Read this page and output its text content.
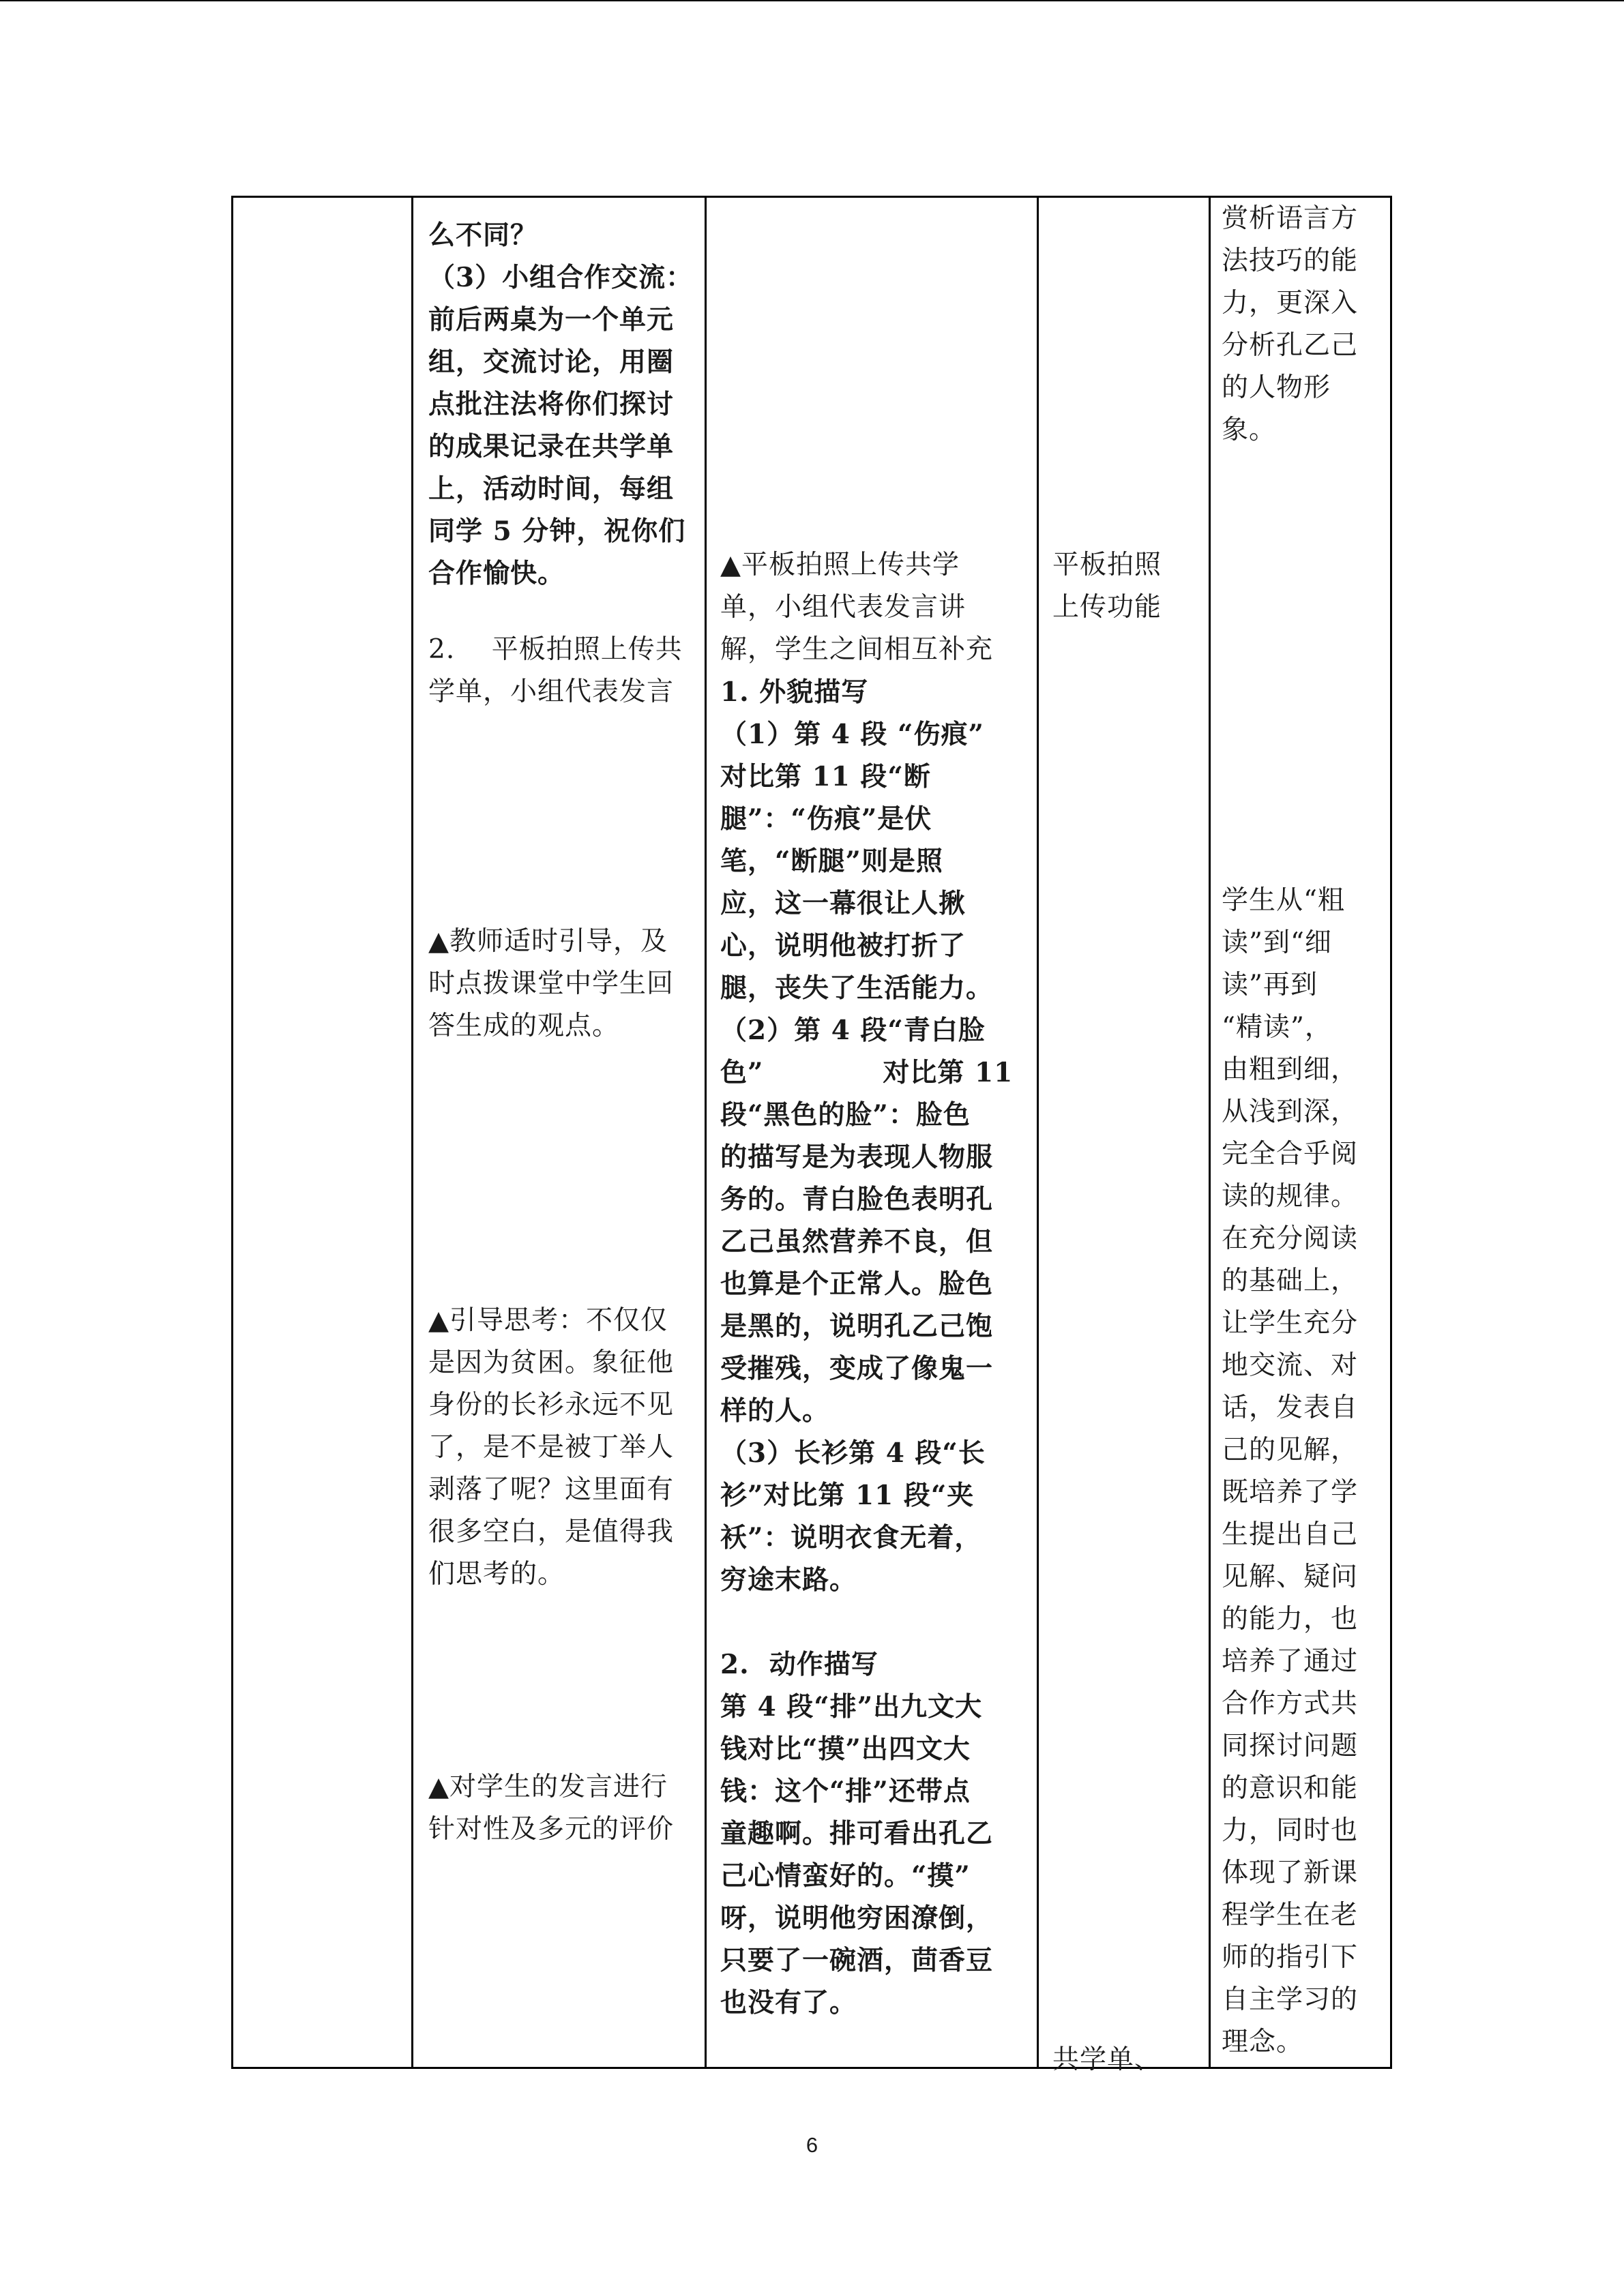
么不同？
（3）小组合作交流：
前后两桌为一个单元
组，交流讨论，用圈
点批注法将你们探讨
的成果记录在共学单
上，活动时间，每组
同学 5 分钟，祝你们
合作愉快。
2.    平板拍照上传共
学单，小组代表发言
▲教师适时引导，及
时点拨课堂中学生回
答生成的观点。
▲引导思考：不仅仅
是因为贫困。象征他
身份的长衫永远不见
了，是不是被丁举人
剥落了呢？这里面有
很多空白，是值得我
们思考的。
▲对学生的发言进行
针对性及多元的评价
▲平板拍照上传共学
单，小组代表发言讲
解，学生之间相互补充
1. 外貌描写
（1）第 4 段 “伤痕”
对比第 11 段“断
腿”：“伤痕”是伏
笔，“断腿”则是照
应，这一幕很让人揪
心，说明他被打折了
腿，丧失了生活能力。
（2）第 4 段“青白脸
色”            对比第 11
段“黑色的脸”：脸色
的描写是为表现人物服
务的。青白脸色表明孔
乙己虽然营养不良，但
也算是个正常人。脸色
是黑的，说明孔乙己饱
受摧残，变成了像鬼一
样的人。
（3）长衫第 4 段“长
衫”对比第 11 段“夹
袄”：说明衣食无着，
穷途末路。
2.  动作描写
第 4 段“排”出九文大
钱对比“摸”出四文大
钱：这个“排”还带点
童趣啊。排可看出孔乙
己心情蛮好的。“摸”
呀，说明他穷困潦倒，
只要了一碗酒，茴香豆
也没有了。
平板拍照
上传功能
共学单、
赏析语言方
法技巧的能
力，更深入
分析孔乙己
的人物形
象。
学生从“粗
读”到“细
读”再到
“精读”，
由粗到细，
从浅到深，
完全合乎阅
读的规律。
在充分阅读
的基础上，
让学生充分
地交流、对
话，发表自
己的见解，
既培养了学
生提出自己
见解、疑问
的能力，也
培养了通过
合作方式共
同探讨问题
的意识和能
力，同时也
体现了新课
程学生在老
师的指引下
自主学习的
理念。
6
